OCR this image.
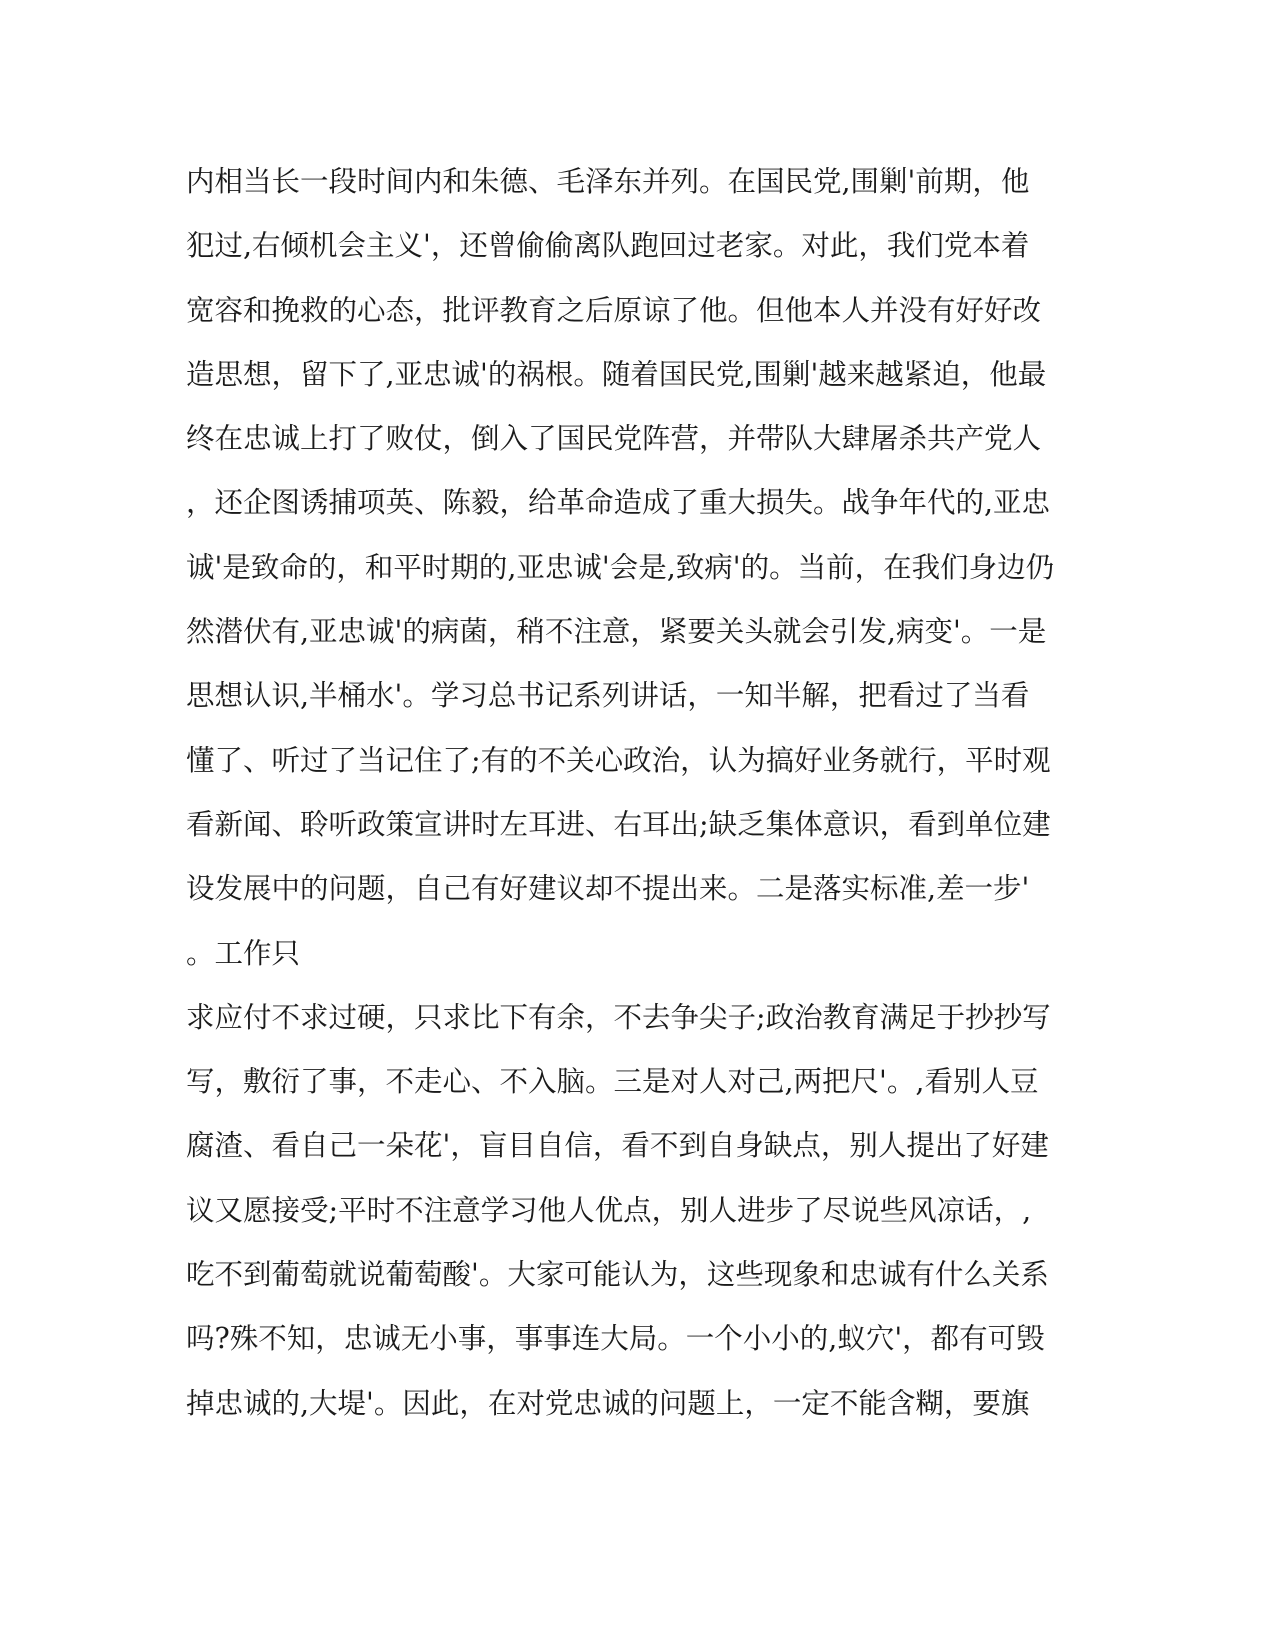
内相当长一段时间内和朱德、毛泽东并列。在国民党,围剿'前期，他
犯过,右倾机会主义'，还曾偷偷离队跑回过老家。对此，我们党本着
宽容和挽救的心态，批评教育之后原谅了他。但他本人并没有好好改
造思想，留下了,亚忠诚'的祸根。随着国民党,围剿'越来越紧迫，他最
终在忠诚上打了败仗，倒入了国民党阵营，并带队大肆屠杀共产党人
，还企图诱捕项英、陈毅，给革命造成了重大损失。战争年代的,亚忠
诚'是致命的，和平时期的,亚忠诚'会是,致病'的。当前，在我们身边仍
然潜伏有,亚忠诚'的病菌，稍不注意，紧要关头就会引发,病变'。一是
思想认识,半桶水'。学习总书记系列讲话，一知半解，把看过了当看
懂了、听过了当记住了;有的不关心政治，认为搞好业务就行，平时观
看新闻、聆听政策宣讲时左耳进、右耳出;缺乏集体意识，看到单位建
设发展中的问题，自己有好建议却不提出来。二是落实标准,差一步'
。工作只
求应付不求过硬，只求比下有余，不去争尖子;政治教育满足于抄抄写
写，敷衍了事，不走心、不入脑。三是对人对己,两把尺'。,看别人豆
腐渣、看自己一朵花'，盲目自信，看不到自身缺点，别人提出了好建
议又愿接受;平时不注意学习他人优点，别人进步了尽说些风凉话，,
吃不到葡萄就说葡萄酸'。大家可能认为，这些现象和忠诚有什么关系
吗?殊不知，忠诚无小事，事事连大局。一个小小的,蚁穴'，都有可毁
掉忠诚的,大堤'。因此，在对党忠诚的问题上，一定不能含糊，要旗
